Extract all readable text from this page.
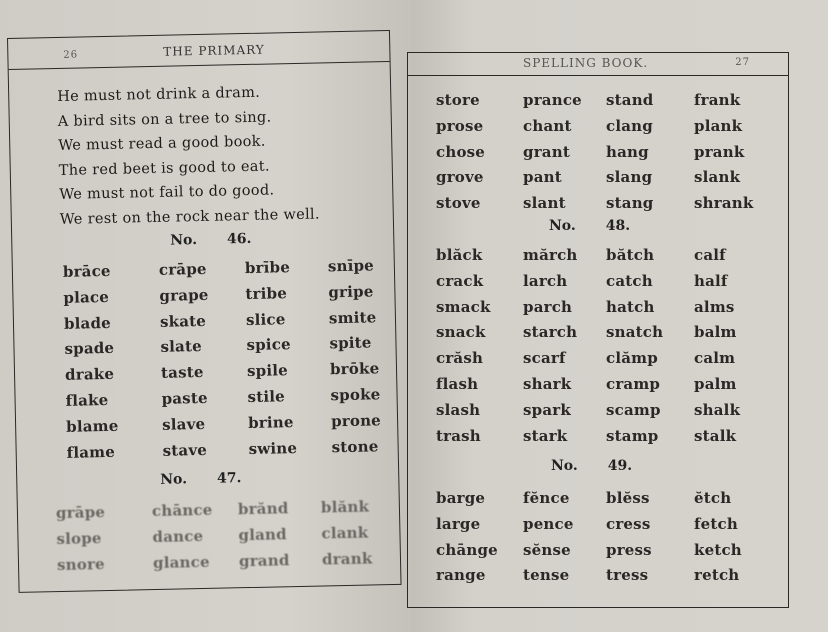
26	THE PRIMARY
He must not drink a dram.
A bird sits on a tree to sing.
We must read a good book.
The red beet is good to eat.
We must not fail to do good.
We rest on the rock near the well.
No. 46.
brāce	crāpe	brībe snīpe
place	grape tribe	gripe
blade	skate	slice	smite
spade	slate	spice	spite
drake	taste	spile	brōke
flake	paste	stile	spoke
blame	slave	brine prone
flame	stave	swine stone
No. 47.
grāpe	chānce brănd blănk
slope	dance gland clank
snore	glance grand drank
SPELLING BOOK.	27
store	prance stand	frank
prose	chant clang	plank
chose	grant hang	prank
grove	pant	slang	slank
stove	slant	stang	shrank
No. 48.
blăck	mărch bătch	calf
crack	larch	catch	half
smack parch hatch	alms
snack starch snatch balm
crăsh	scarf	clămp calm
flash	shark cramp palm
slash	spark scamp shalk
trash	stark	stamp stalk
No. 49.
barge	fĕnce blĕss	ĕtch
large	pence cress	fetch
chānge sĕnse press	ketch
range tense tress	retch
